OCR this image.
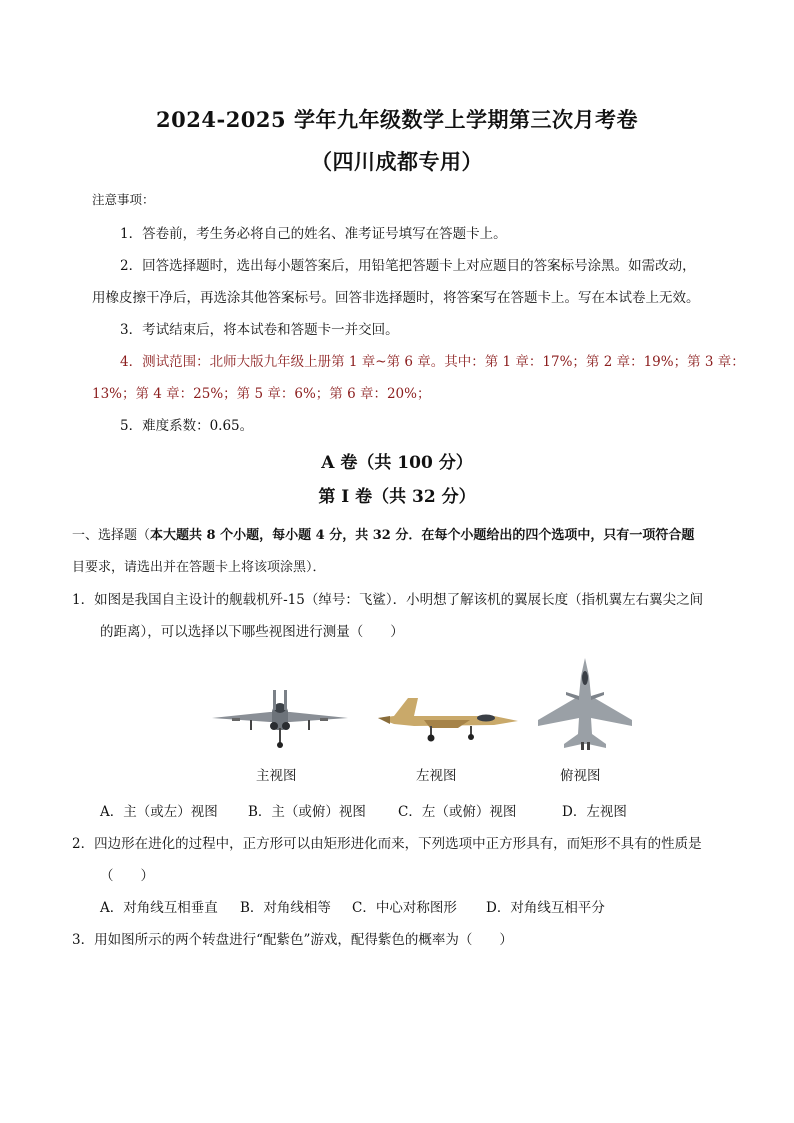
2024-2025 学年九年级数学上学期第三次月考卷
（四川成都专用）
注意事项：
1．答卷前，考生务必将自己的姓名、准考证号填写在答题卡上。
2．回答选择题时，选出每小题答案后，用铅笔把答题卡上对应题目的答案标号涂黑。如需改动，
用橡皮擦干净后，再选涂其他答案标号。回答非选择题时，将答案写在答题卡上。写在本试卷上无效。
3．考试结束后，将本试卷和答题卡一并交回。
4．测试范围：北师大版九年级上册第 1 章~第 6 章。其中：第 1 章：17%；第 2 章：19%；第 3 章：
13%；第 4 章：25%；第 5 章：6%；第 6 章：20%；
5．难度系数：0.65。
A 卷（共 100 分）
第 I 卷（共 32 分）
一、选择题（本大题共 8 个小题，每小题 4 分，共 32 分．在每个小题给出的四个选项中，只有一项符合题
目要求，请选出并在答题卡上将该项涂黑）．
1．如图是我国自主设计的舰载机歼-15（绰号：飞鲨）．小明想了解该机的翼展长度（指机翼左右翼尖之间
的距离），可以选择以下哪些视图进行测量（　　）
主视图	左视图	俯视图
A．主（或左）视图 B．主（或俯）视图 C．左（或俯）视图	D．左视图
2．四边形在进化的过程中，正方形可以由矩形进化而来，下列选项中正方形具有，而矩形不具有的性质是
（　　）
A．对角线互相垂直 B．对角线相等 C．中心对称图形 D．对角线互相平分
3．用如图所示的两个转盘进行“配紫色”游戏，配得紫色的概率为（　　）
